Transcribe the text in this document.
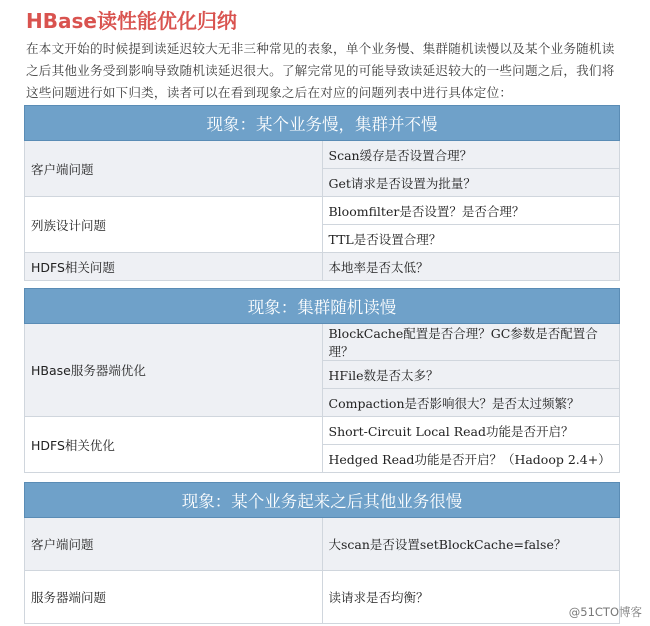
HBase读性能优化归纳
在本文开始的时候提到读延迟较大无非三种常见的表象，单个业务慢、集群随机读慢以及某个业务随机读之后其他业务受到影响导致随机读延迟很大。了解完常见的可能导致读延迟较大的一些问题之后，我们将这些问题进行如下归类，读者可以在看到现象之后在对应的问题列表中进行具体定位：
现象：某个业务慢，集群并不慢	
客户端问题	Scan缓存是否设置合理？
	Get请求是否设置为批量？
列族设计问题	Bloomfilter是否设置？是否合理？
	TTL是否设置合理？
HDFS相关问题	本地率是否太低？
现象：集群随机读慢	
HBase服务器端优化	BlockCache配置是否合理？GC参数是否配置合理？
	HFile数是否太多？
	Compaction是否影响很大？是否太过频繁？
HDFS相关优化	Short-Circuit Local Read功能是否开启？
	Hedged Read功能是否开启？（Hadoop 2.4+）
现象：某个业务起来之后其他业务很慢	
客户端问题	大scan是否设置setBlockCache=false？
服务器端问题	读请求是否均衡？
@51CTO博客
